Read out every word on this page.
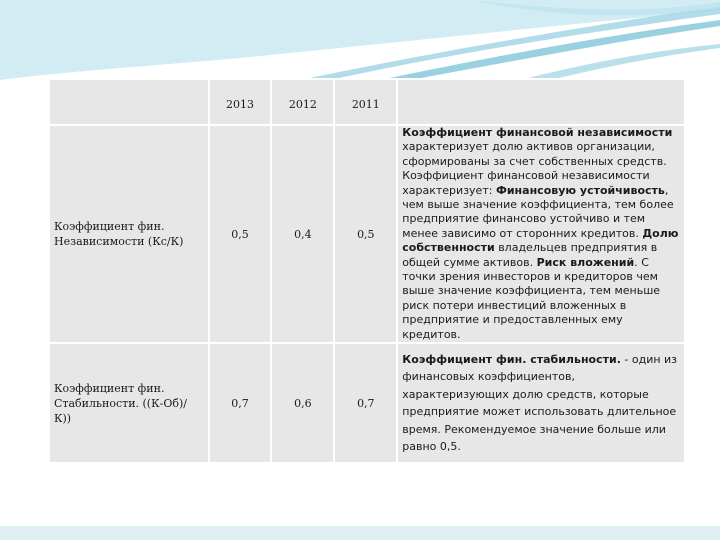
	2013	2012	2011	
Коэффициент фин. Независимости (Кс/К)	0,5	0,4	0,5	Коэффициент финансовой независимости характеризует долю активов организации, сформированы за счет собственных средств. Коэффициент финансовой независимости характеризует: Финансовую устойчивость, чем выше значение коэффициента, тем более предприятие финансово устойчиво и тем менее зависимо от сторонних кредитов. Долю собственности владельцев предприятия в общей сумме активов. Риск вложений. С точки зрения инвесторов и кредиторов чем выше значение коэффициента, тем меньше риск потери инвестиций вложенных в предприятие и предоставленных ему кредитов.
Коэффициент фин. Стабильности. ((К-Об)/К))	0,7	0,6	0,7	Коэффициент фин. стабильности. - один из финансовых коэффициентов, характеризующих долю средств, которые предприятие может использовать длительное время. Рекомендуемое значение больше или равно 0,5.
